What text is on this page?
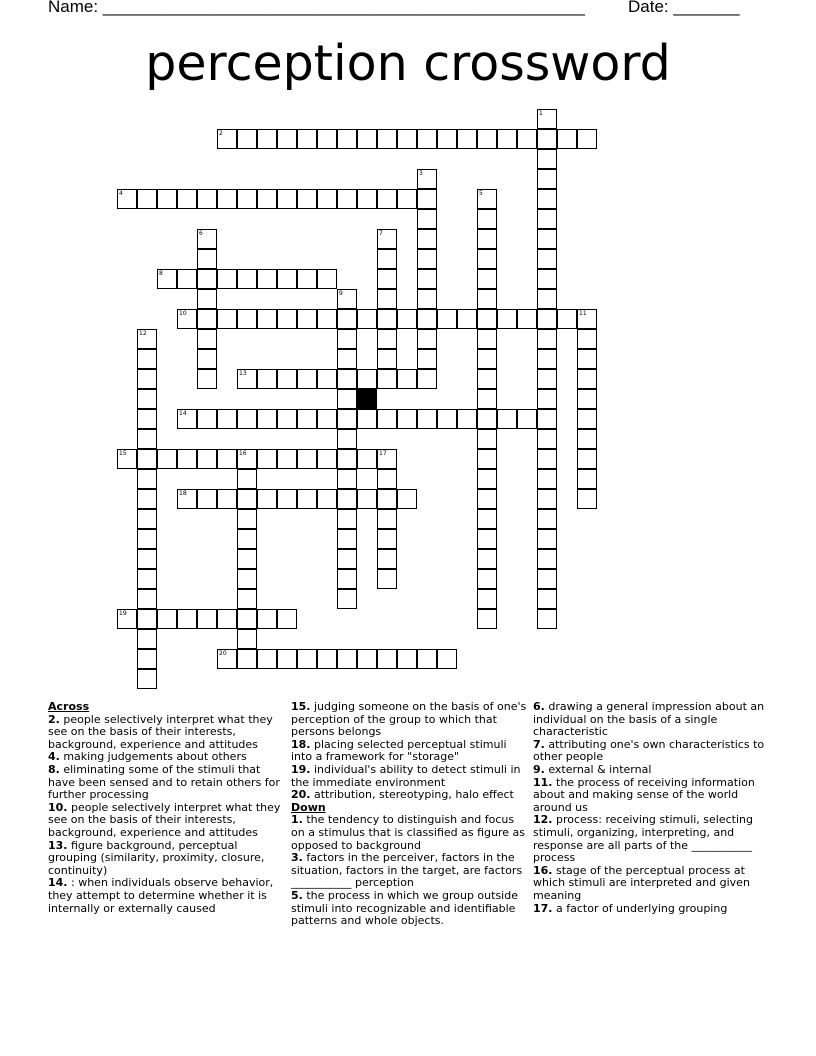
Name: ___________________________________________________	Date: _______
perception crossword
2
4
8
10
13
14
15	16
18
19
20
1
3
5
6	7
9
11
12
17
Across
2. people selectively interpret what they see on the basis of their interests, background, experience and attitudes
4. making judgements about others
8. eliminating some of the stimuli that have been sensed and to retain others for further processing
10. people selectively interpret what they see on the basis of their interests, background, experience and attitudes
13. figure background, perceptual grouping (similarity, proximity, closure, continuity)
14. : when individuals observe behavior, they attempt to determine whether it is internally or externally caused
15. judging someone on the basis of one's perception of the group to which that persons belongs
18. placing selected perceptual stimuli into a framework for "storage"
19. individual's ability to detect stimuli in the immediate environment
20. attribution, stereotyping, halo effect
Down
1. the tendency to distinguish and focus on a stimulus that is classified as figure as opposed to background
3. factors in the perceiver, factors in the situation, factors in the target, are factors ___________ perception
5. the process in which we group outside stimuli into recognizable and identifiable patterns and whole objects.
6. drawing a general impression about an individual on the basis of a single characteristic
7. attributing one's own characteristics to other people
9. external & internal
11. the process of receiving information about and making sense of the world around us
12. process: receiving stimuli, selecting stimuli, organizing, interpreting, and response are all parts of the ___________ process
16. stage of the perceptual process at which stimuli are interpreted and given meaning
17. a factor of underlying grouping
